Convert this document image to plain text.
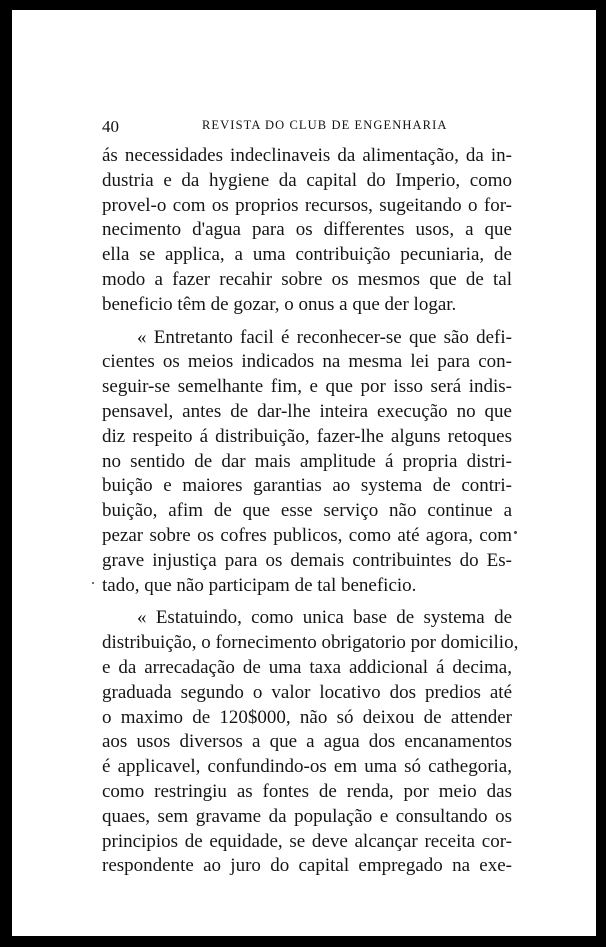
40	REVISTA DO CLUB DE ENGENHARIA
ás necessidades indeclinaveis da alimentação, da in-
dustria e da hygiene da capital do Imperio, como
provel-o com os proprios recursos, sugeitando o for-
necimento d'agua para os differentes usos, a que
ella se applica, a uma contribuição pecuniaria, de
modo a fazer recahir sobre os mesmos que de tal
beneficio têm de gozar, o onus a que der logar.
« Entretanto facil é reconhecer-se que são defi-
cientes os meios indicados na mesma lei para con-
seguir-se semelhante fim, e que por isso será indis-
pensavel, antes de dar-lhe inteira execução no que
diz respeito á distribuição, fazer-lhe alguns retoques
no sentido de dar mais amplitude á propria distri-
buição e maiores garantias ao systema de contri-
buição, afim de que esse serviço não continue a
pezar sobre os cofres publicos, como até agora, com
grave injustiça para os demais contribuintes do Es-
tado, que não participam de tal beneficio.
« Estatuindo, como unica base de systema de
distribuição, o fornecimento obrigatorio por domicilio,
e da arrecadação de uma taxa addicional á decima,
graduada segundo o valor locativo dos predios até
o maximo de 120$000, não só deixou de attender
aos usos diversos a que a agua dos encanamentos
é applicavel, confundindo-os em uma só cathegoria,
como restringiu as fontes de renda, por meio das
quaes, sem gravame da população e consultando os
principios de equidade, se deve alcançar receita cor-
respondente ao juro do capital empregado na exe-
